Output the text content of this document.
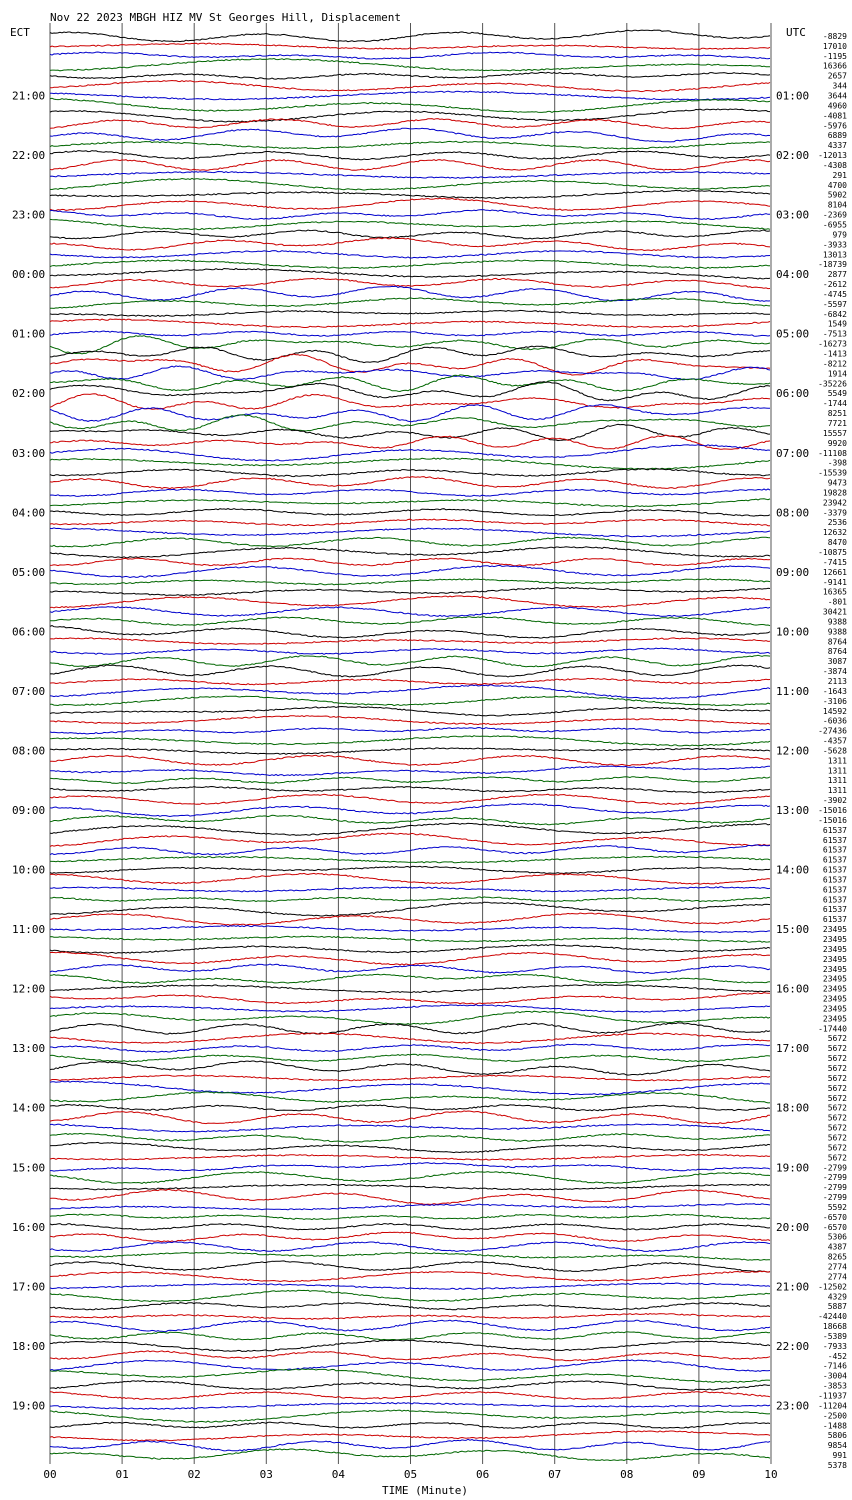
Nov 22 2023 MBGH HIZ MV St Georges Hill, Displacement
ECT	UTC
21:00
22:00
23:00
00:00
01:00
02:00
03:00
04:00
05:00
06:00
07:00
08:00
09:00
10:00
11:00
12:00
13:00
14:00
15:00
16:00
17:00
18:00
19:00
01:00
02:00
03:00
04:00
05:00
06:00
07:00
08:00
09:00
10:00
11:00
12:00
13:00
14:00
15:00
16:00
17:00
18:00
19:00
20:00
21:00
22:00
23:00
-8829
17010
-1195
16366
2657
344
3644
4960
-4081
-5976
6889
4337
-12013
-4308
291
4700
5902
8104
-2369
-6955
979
-3933
13013
-18739
2877
-2612
-4745
-5597
-6842
1549
-7513
-16273
-1413
-8212
1914
-35226
5549
-1744
8251
7721
15557
9920
-11108
-398
-15539
9473
19828
23942
-3379
2536
12632
8470
-10875
-7415
12661
-9141
16365
-801
30421
9388
9388
8764
8764
3087
-3874
2113
-1643
-3106
14592
-6036
-27436
-4357
-5628
1311
1311
1311
1311
-3902
-15016
-15016
61537
61537
61537
61537
61537
61537
61537
61537
61537
61537
23495
23495
23495
23495
23495
23495
23495
23495
23495
23495
-17440
5672
5672
5672
5672
5672
5672
5672
5672
5672
5672
5672
5672
5672
-2799
-2799
-2799
-2799
5592
-6570
-6570
5306
4387
8265
2774
2774
-12502
4329
5887
-42440
18668
-5389
-7933
-452
-7146
-3004
-3853
-11937
-11204
-2500
-1488
5806
9854
991
5378
00	01	02	03	04	05	06	07	08	09	10
TIME (Minute)
